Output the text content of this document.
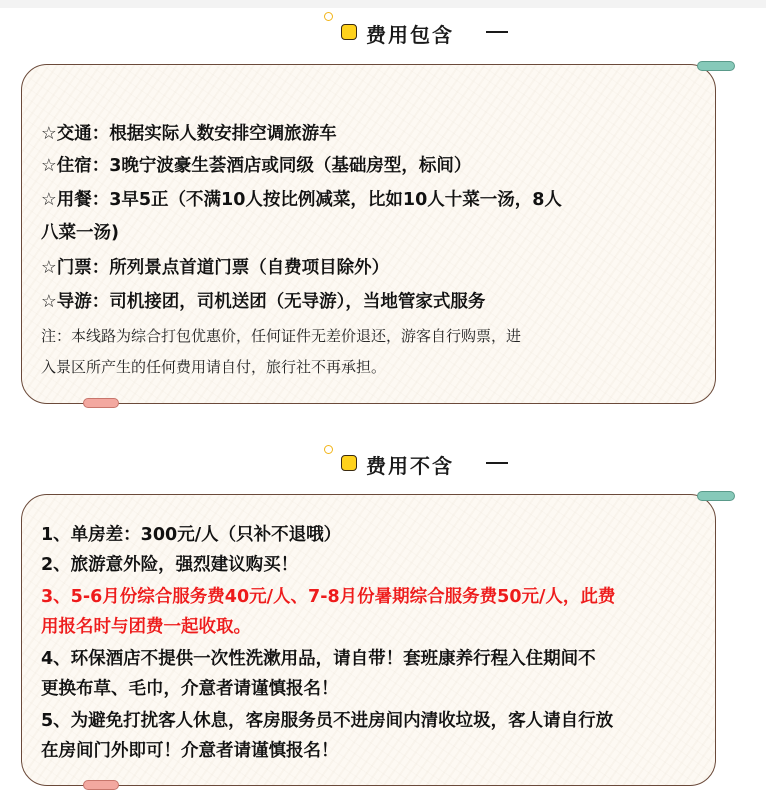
费用包含
☆交通：根据实际人数安排空调旅游车
☆住宿：3晚宁波豪生荟酒店或同级（基础房型，标间）
☆用餐：3早5正（不满10人按比例减菜，比如10人十菜一汤，8人
八菜一汤)
☆门票：所列景点首道门票（自费项目除外）
☆导游：司机接团，司机送团（无导游），当地管家式服务
注：本线路为综合打包优惠价，任何证件无差价退还，游客自行购票，进
入景区所产生的任何费用请自付，旅行社不再承担。
费用不含
1、单房差：300元/人（只补不退哦）
2、旅游意外险，强烈建议购买！
3、5-6月份综合服务费40元/人、7-8月份暑期综合服务费50元/人，此费
用报名时与团费一起收取。
4、环保酒店不提供一次性洗漱用品，请自带！套班康养行程入住期间不
更换布草、毛巾，介意者请谨慎报名！
5、为避免打扰客人休息，客房服务员不进房间内清收垃圾，客人请自行放
在房间门外即可！介意者请谨慎报名！
